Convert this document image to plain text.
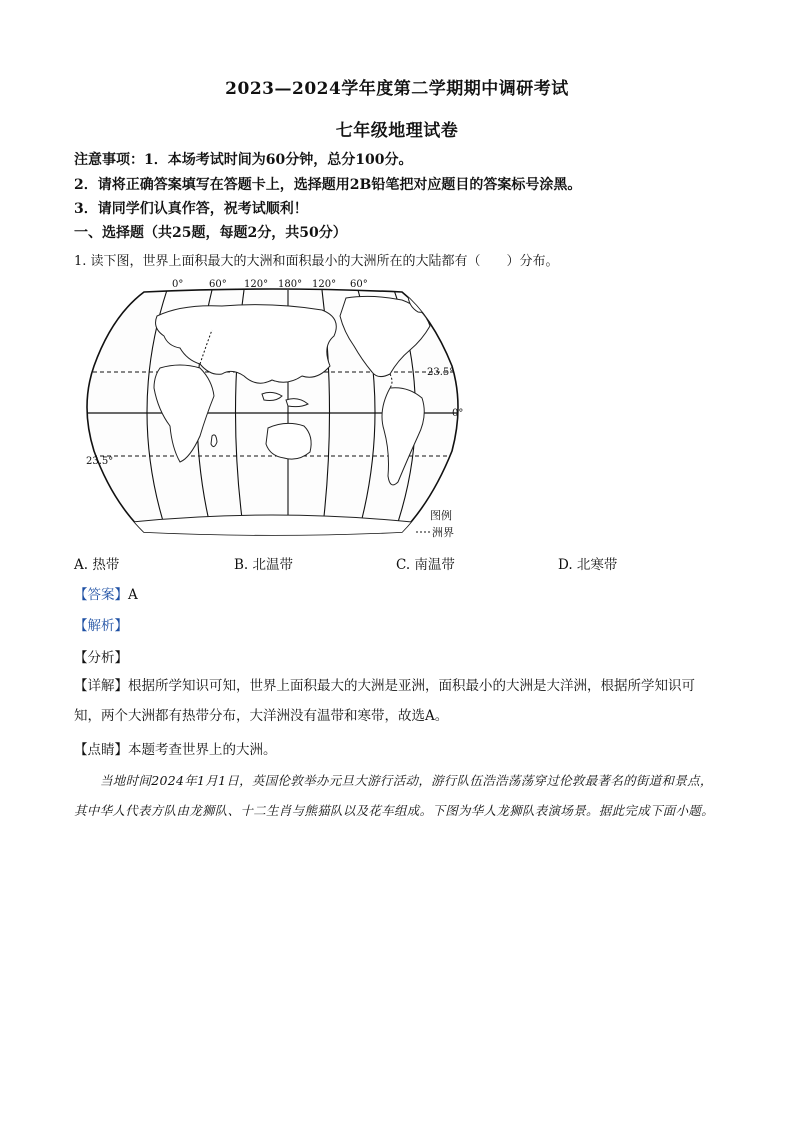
2023—2024学年度第二学期期中调研考试
七年级地理试卷
注意事项：1．本场考试时间为60分钟，总分100分。
2．请将正确答案填写在答题卡上，选择题用2B铅笔把对应题目的答案标号涂黑。
3．请同学们认真作答，祝考试顺利！
一、选择题（共25题，每题2分，共50分）
1. 读下图，世界上面积最大的大洲和面积最小的大洲所在的大陆都有（　　）分布。
0°	60° 120° 180° 120° 60°
23.5°
0°
23.5°
图例
洲界
A. 热带	B. 北温带	C. 南温带	D. 北寒带
【答案】A
【解析】
【分析】
【详解】根据所学知识可知，世界上面积最大的大洲是亚洲，面积最小的大洲是大洋洲，根据所学知识可知，两个大洲都有热带分布，大洋洲没有温带和寒带，故选A。
【点睛】本题考查世界上的大洲。
当地时间2024年1月1日，英国伦敦举办元旦大游行活动，游行队伍浩浩荡荡穿过伦敦最著名的街道和景点，其中华人代表方队由龙狮队、十二生肖与熊猫队以及花车组成。下图为华人龙狮队表演场景。据此完成下面小题。
